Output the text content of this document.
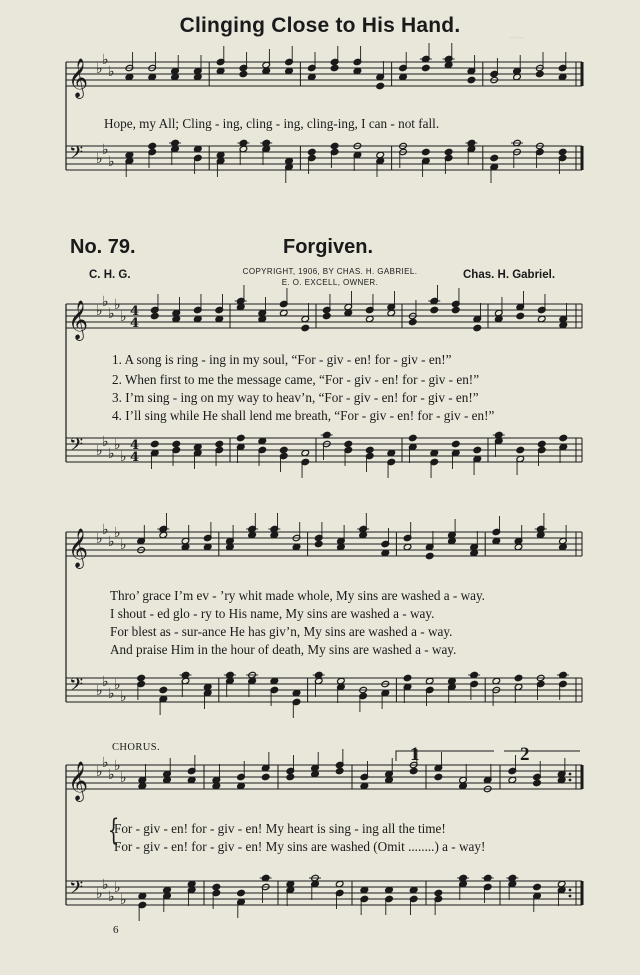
—
Clinging Close to His Hand.
𝄞
𝄢
♭
♭
♭
♭
♭
♭
Hope, my All; Cling - ing, cling - ing, cling-ing, I can - not fall.
No. 79.	Forgiven.
C. H. G.	COPYRIGHT, 1906, BY CHAS. H. GABRIEL.
E. O. EXCELL, OWNER.
Chas. H. Gabriel.
𝄞
𝄢
♭
♭
♭
♭
♭
♭
♭
♭
♭
♭
4
4
4
4
1. A song is ring - ing in my soul, “For - giv - en! for - giv - en!”
2. When first to me the message came, “For - giv - en! for - giv - en!”
3. I’m sing - ing on my way to heav’n, “For - giv - en! for - giv - en!”
4. I’ll sing while He shall lend me breath, “For - giv - en! for - giv - en!”
𝄞
𝄢
♭
♭
♭
♭
♭
♭
♭
♭
♭
♭
Thro’ grace I’m ev - ’ry whit made whole, My sins are washed a - way.
I shout - ed glo - ry to His name, My sins are washed a - way.
For blest as - sur-ance He has giv’n, My sins are washed a - way.
And praise Him in the hour of death, My sins are washed a - way.
CHORUS.	1	2
𝄞
𝄢
♭
♭
♭
♭
♭
♭
♭
♭
♭
♭
For - giv - en! for - giv - en! My heart is sing - ing all the time!
For - giv - en! for - giv - en! My sins are washed (Omit ........) a - way!
{
6
